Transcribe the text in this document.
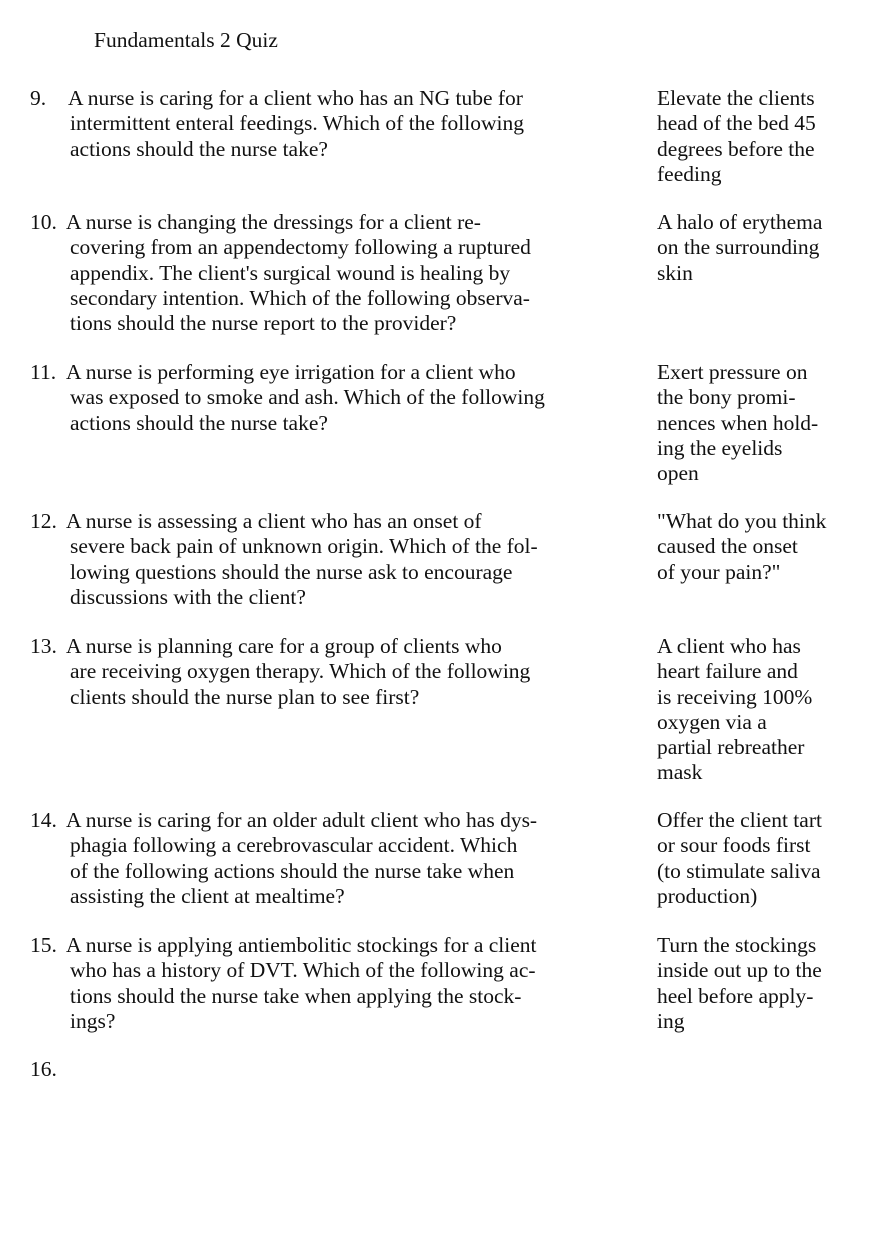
Fundamentals 2 Quiz
9. A nurse is caring for a client who has an NG tube for
intermittent enteral feedings. Which of the following
actions should the nurse take?
Elevate the clients
head of the bed 45
degrees before the
feeding
10. A nurse is changing the dressings for a client re-
covering from an appendectomy following a ruptured
appendix. The client's surgical wound is healing by
secondary intention. Which of the following observa-
tions should the nurse report to the provider?
A halo of erythema
on the surrounding
skin
11. A nurse is performing eye irrigation for a client who
was exposed to smoke and ash. Which of the following
actions should the nurse take?
Exert pressure on
the bony promi-
nences when hold-
ing the eyelids
open
12. A nurse is assessing a client who has an onset of
severe back pain of unknown origin. Which of the fol-
lowing questions should the nurse ask to encourage
discussions with the client?
"What do you think
caused the onset
of your pain?"
13. A nurse is planning care for a group of clients who
are receiving oxygen therapy. Which of the following
clients should the nurse plan to see first?
A client who has
heart failure and
is receiving 100%
oxygen via a
partial rebreather
mask
14. A nurse is caring for an older adult client who has dys-
phagia following a cerebrovascular accident. Which
of the following actions should the nurse take when
assisting the client at mealtime?
Offer the client tart
or sour foods first
(to stimulate saliva
production)
15. A nurse is applying antiembolitic stockings for a client
who has a history of DVT. Which of the following ac-
tions should the nurse take when applying the stock-
ings?
Turn the stockings
inside out up to the
heel before apply-
ing
16.
